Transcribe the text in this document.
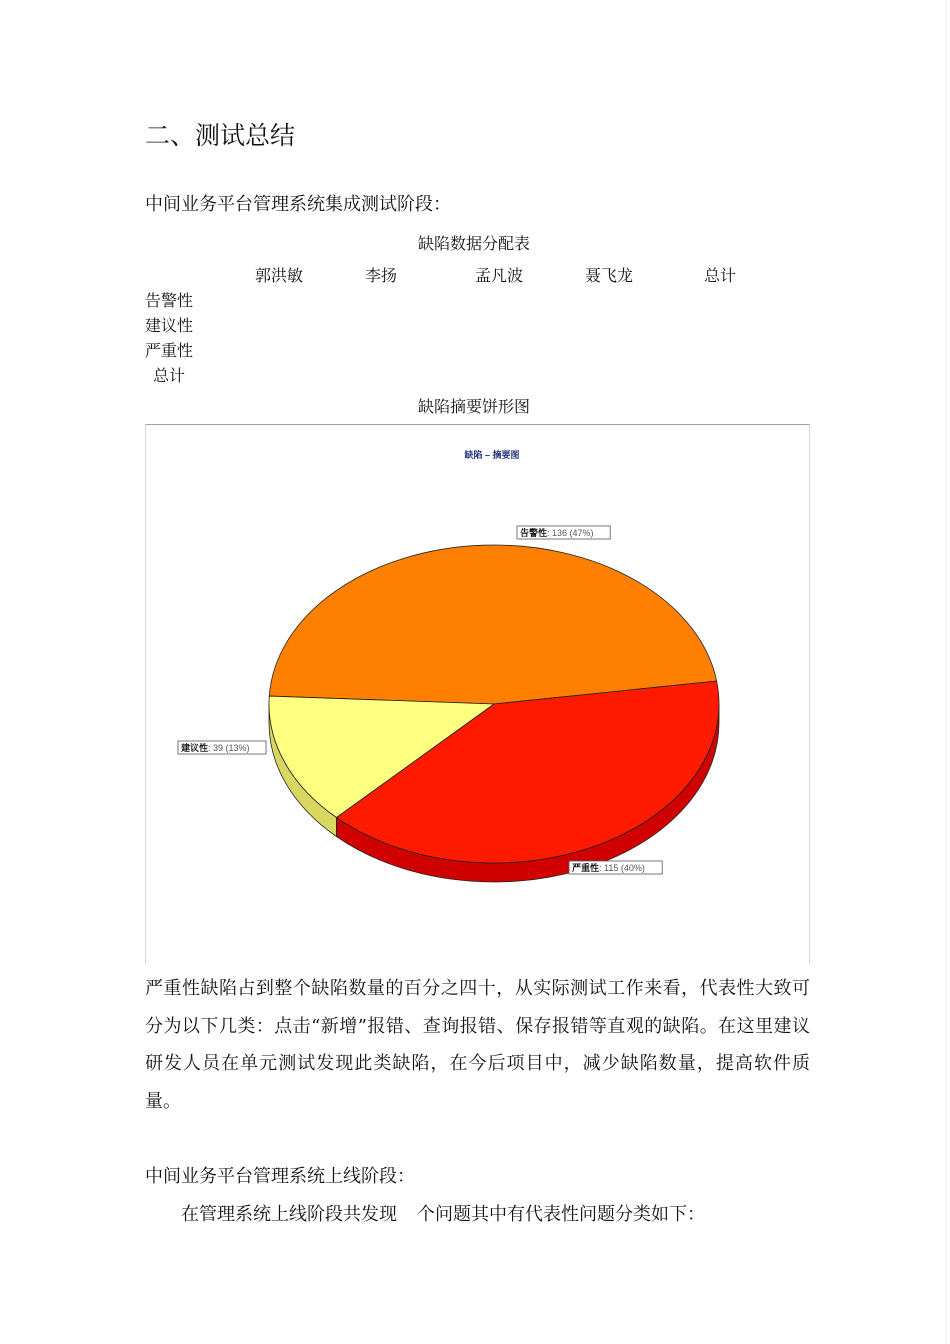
二、测试总结
中间业务平台管理系统集成测试阶段：
缺陷数据分配表
郭洪敏	李扬	孟凡波	聂飞龙	总计
告警性
建议性
严重性
总计
缺陷摘要饼形图
缺陷 – 摘要图
告警性: 136 (47%)
严重性: 115 (40%)
建议性: 39 (13%)
严重性缺陷占到整个缺陷数量的百分之四十，从实际测试工作来看，代表性大致可分为以下几类：点击“新增”报错、查询报错、保存报错等直观的缺陷。在这里建议研发人员在单元测试发现此类缺陷，在今后项目中，减少缺陷数量，提高软件质量。
中间业务平台管理系统上线阶段：
在管理系统上线阶段共发现 个问题其中有代表性问题分类如下：
